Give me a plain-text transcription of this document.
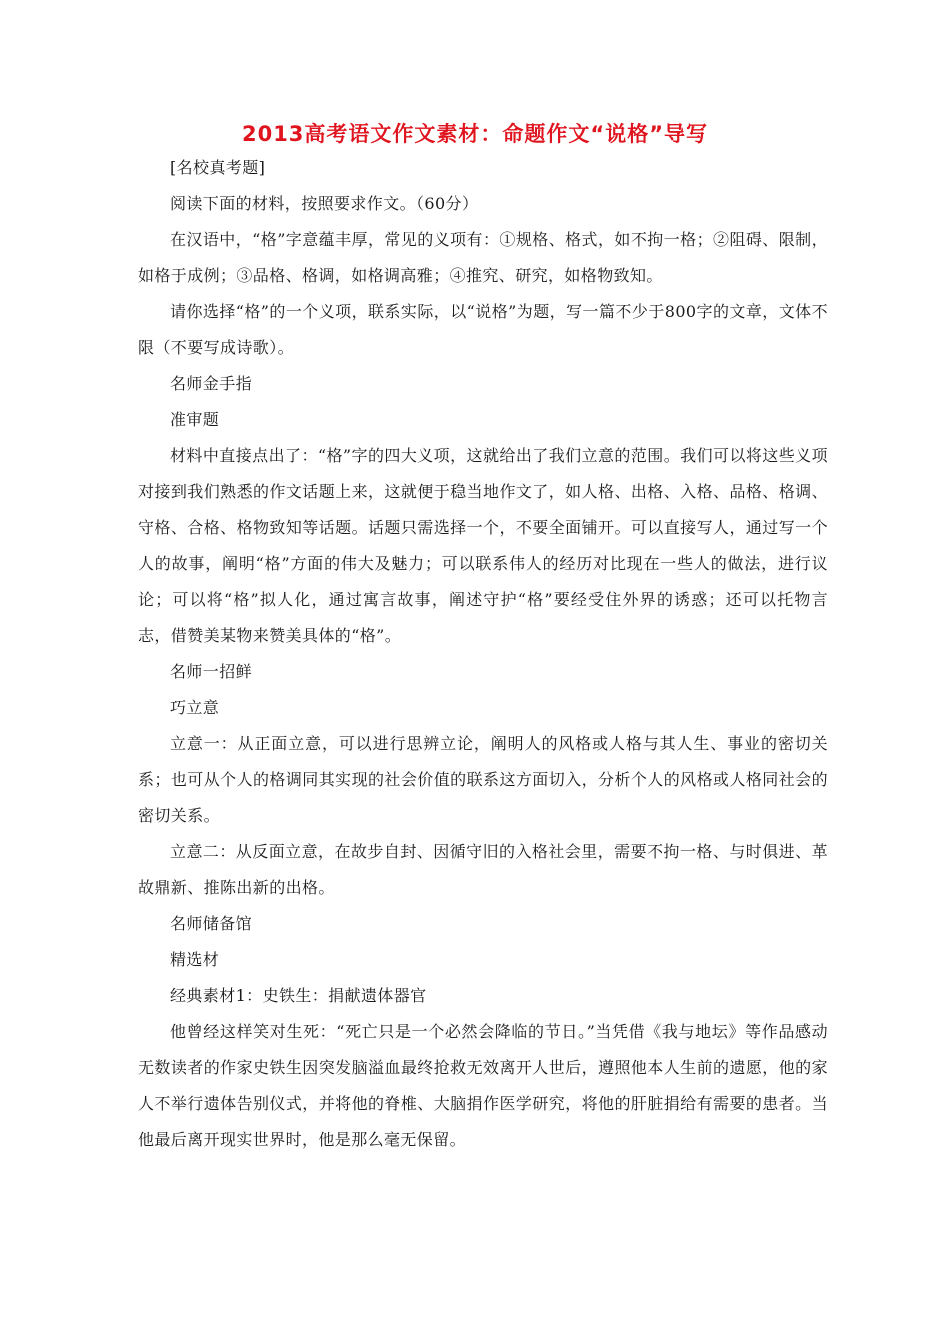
2013高考语文作文素材：命题作文“说格”导写

[名校真考题]

阅读下面的材料，按照要求作文。（60分）

在汉语中，“格”字意蕴丰厚，常见的义项有：①规格、格式，如不拘一格；②阻碍、限制，如格于成例；③品格、格调，如格调高雅；④推究、研究，如格物致知。

请你选择“格”的一个义项，联系实际，以“说格”为题，写一篇不少于800字的文章，文体不限（不要写成诗歌）。

名师金手指

准审题

材料中直接点出了：“格”字的四大义项，这就给出了我们立意的范围。我们可以将这些义项对接到我们熟悉的作文话题上来，这就便于稳当地作文了，如人格、出格、入格、品格、格调、守格、合格、格物致知等话题。话题只需选择一个，不要全面铺开。可以直接写人，通过写一个人的故事，阐明“格”方面的伟大及魅力；可以联系伟人的经历对比现在一些人的做法，进行议论；可以将“格”拟人化，通过寓言故事，阐述守护“格”要经受住外界的诱惑；还可以托物言志，借赞美某物来赞美具体的“格”。

名师一招鲜

巧立意

立意一：从正面立意，可以进行思辨立论，阐明人的风格或人格与其人生、事业的密切关系；也可从个人的格调同其实现的社会价值的联系这方面切入，分析个人的风格或人格同社会的密切关系。

立意二：从反面立意，在故步自封、因循守旧的入格社会里，需要不拘一格、与时俱进、革故鼎新、推陈出新的出格。

名师储备馆

精选材

经典素材1：史铁生：捐献遗体器官

他曾经这样笑对生死：“死亡只是一个必然会降临的节日。”当凭借《我与地坛》等作品感动无数读者的作家史铁生因突发脑溢血最终抢救无效离开人世后，遵照他本人生前的遗愿，他的家人不举行遗体告别仪式，并将他的脊椎、大脑捐作医学研究，将他的肝脏捐给有需要的患者。当他最后离开现实世界时，他是那么毫无保留。
